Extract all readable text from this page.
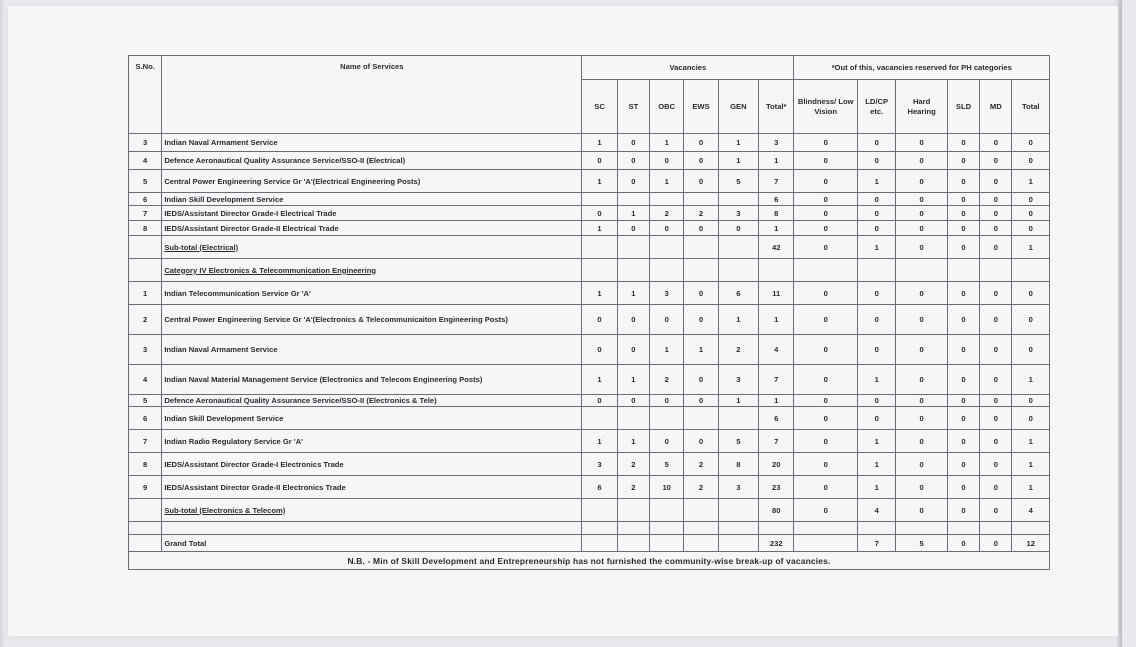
S.No.	Name of Services	Vacancies						*Out of this, vacancies reserved for PH categories					
		SC	ST	OBC	EWS	GEN	Total*	Blindness/ Low Vision	LD/CP etc.	Hard Hearing	SLD	MD	Total
3	Indian Naval Armament Service	1	0	1	0	1	3	0	0	0	0	0	0
4	Defence Aeronautical Quality Assurance Service/SSO-II (Electrical)	0	0	0	0	1	1	0	0	0	0	0	0
5	Central Power Engineering Service Gr 'A'(Electrical Engineering Posts)	1	0	1	0	5	7	0	1	0	0	0	1
6	Indian Skill Development Service						6	0	0	0	0	0	0
7	IEDS/Assistant Director Grade-I Electrical Trade	0	1	2	2	3	8	0	0	0	0	0	0
8	IEDS/Assistant Director Grade-II Electrical Trade	1	0	0	0	0	1	0	0	0	0	0	0
	Sub-total (Electrical)						42	0	1	0	0	0	1
	Category IV Electronics & Telecommunication Engineering												
1	Indian Telecommunication Service Gr 'A'	1	1	3	0	6	11	0	0	0	0	0	0
2	Central Power Engineering Service Gr 'A'(Electronics & Telecommunicaiton Engineering Posts)	0	0	0	0	1	1	0	0	0	0	0	0
3	Indian Naval Armament Service	0	0	1	1	2	4	0	0	0	0	0	0
4	Indian Naval Material Management Service (Electronics and Telecom Engineering Posts)	1	1	2	0	3	7	0	1	0	0	0	1
5	Defence Aeronautical Quality Assurance Service/SSO-II (Electronics & Tele)	0	0	0	0	1	1	0	0	0	0	0	0
6	Indian Skill Development Service						6	0	0	0	0	0	0
7	Indian Radio Regulatory Service Gr 'A'	1	1	0	0	5	7	0	1	0	0	0	1
8	IEDS/Assistant Director Grade-I Electronics Trade	3	2	5	2	8	20	0	1	0	0	0	1
9	IEDS/Assistant Director Grade-II Electronics Trade	6	2	10	2	3	23	0	1	0	0	0	1
	Sub-total (Electronics & Telecom)						80	0	4	0	0	0	4

	Grand Total						232		7	5	0	0	12
N.B. - Min of Skill Development and Entrepreneurship has not furnished the community-wise break-up of vacancies.													
